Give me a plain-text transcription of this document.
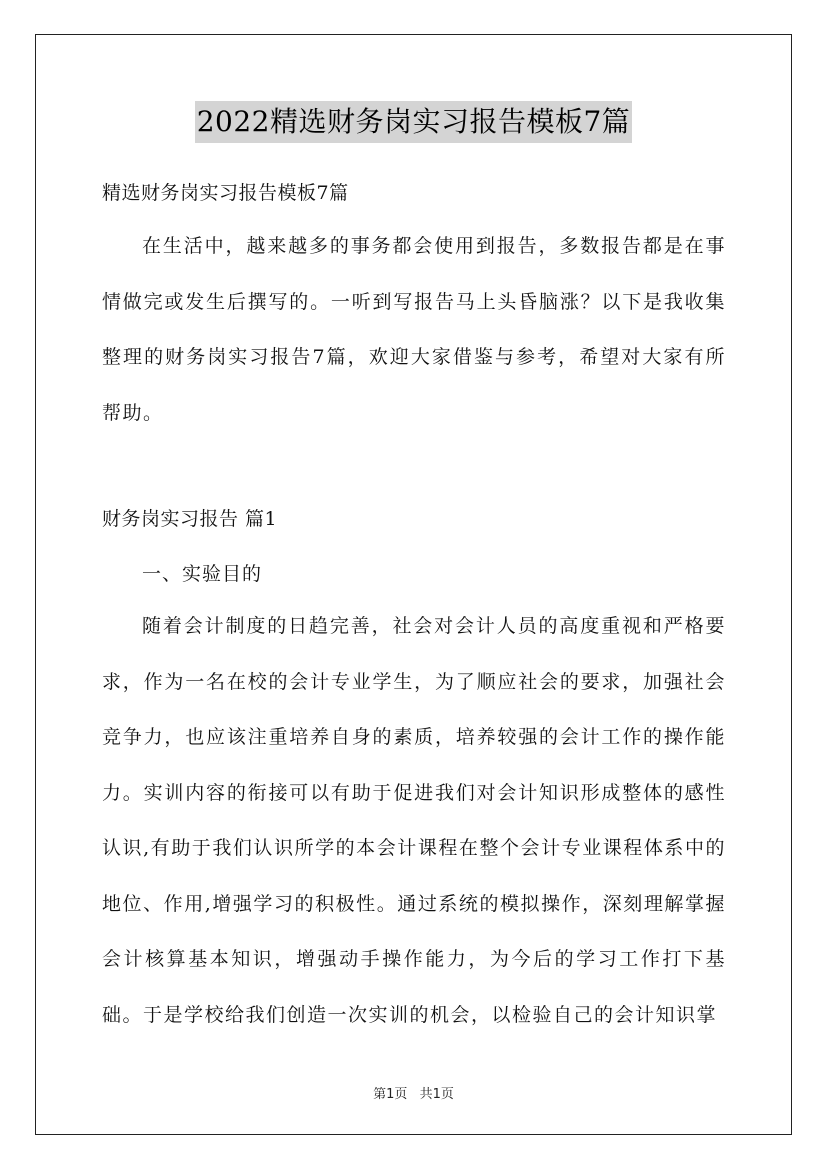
2022精选财务岗实习报告模板7篇
精选财务岗实习报告模板7篇

在生活中，越来越多的事务都会使用到报告，多数报告都是在事情做完或发生后撰写的。一听到写报告马上头昏脑涨？以下是我收集整理的财务岗实习报告7篇，欢迎大家借鉴与参考，希望对大家有所帮助。

财务岗实习报告 篇1
一、实验目的

随着会计制度的日趋完善，社会对会计人员的高度重视和严格要求，作为一名在校的会计专业学生，为了顺应社会的要求，加强社会竞争力，也应该注重培养自身的素质，培养较强的会计工作的操作能力。实训内容的衔接可以有助于促进我们对会计知识形成整体的感性认识,有助于我们认识所学的本会计课程在整个会计专业课程体系中的地位、作用,增强学习的积极性。通过系统的模拟操作，深刻理解掌握会计核算基本知识，增强动手操作能力，为今后的学习工作打下基础。于是学校给我们创造一次实训的机会，以检验自己的会计知识掌

第1页 共1页
